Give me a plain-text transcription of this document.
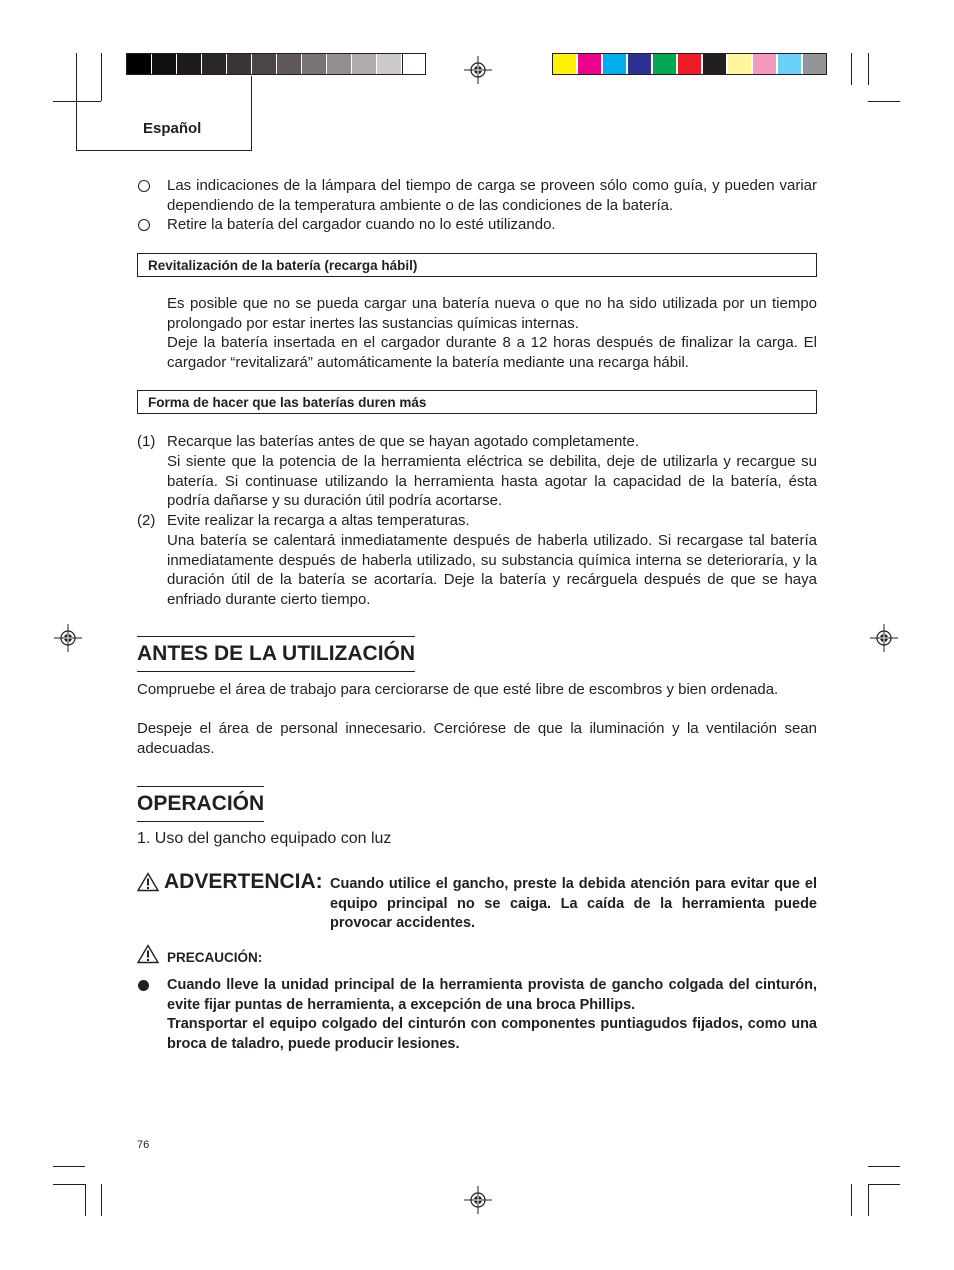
Español
Las indicaciones de la lámpara del tiempo de carga se proveen sólo como guía, y pueden variar dependiendo de la temperatura ambiente o de las condiciones de la batería.
Retire la batería del cargador cuando no lo esté utilizando.
Revitalización de la batería (recarga hábil)
Es posible que no se pueda cargar una batería nueva o que no ha sido utilizada por un tiempo prolongado por estar inertes las sustancias químicas internas.
Deje la batería insertada en el cargador durante 8 a 12 horas después de finalizar la carga. El cargador “revitalizará” automáticamente la batería mediante una recarga hábil.
Forma de hacer que las baterías duren más
(1) Recarque las baterías antes de que se hayan agotado completamente.
Si siente que la potencia de la herramienta eléctrica se debilita, deje de utilizarla y recargue su batería. Si continuase utilizando la herramienta hasta agotar la capacidad de la batería, ésta podría dañarse y su duración útil podría acortarse.
(2) Evite realizar la recarga a altas temperaturas.
Una batería se calentará inmediatamente después de haberla utilizado. Si recargase tal batería inmediatamente después de haberla utilizado, su substancia química interna se deterioraría, y la duración útil de la batería se acortaría. Deje la batería y recárguela después de que se haya enfriado durante cierto tiempo.
ANTES DE LA UTILIZACIÓN
Compruebe el área de trabajo para cerciorarse de que esté libre de escombros y bien ordenada.
Despeje el área de personal innecesario. Cerciórese de que la iluminación y la ventilación sean adecuadas.
OPERACIÓN
1. Uso del gancho equipado con luz
ADVERTENCIA: Cuando utilice el gancho, preste la debida atención para evitar que el equipo principal no se caiga. La caída de la herramienta puede provocar accidentes.
PRECAUCIÓN:
Cuando lleve la unidad principal de la herramienta provista de gancho colgada del cinturón, evite fijar puntas de herramienta, a excepción de una broca Phillips.
Transportar el equipo colgado del cinturón con componentes puntiagudos fijados, como una broca de taladro, puede producir lesiones.
76
